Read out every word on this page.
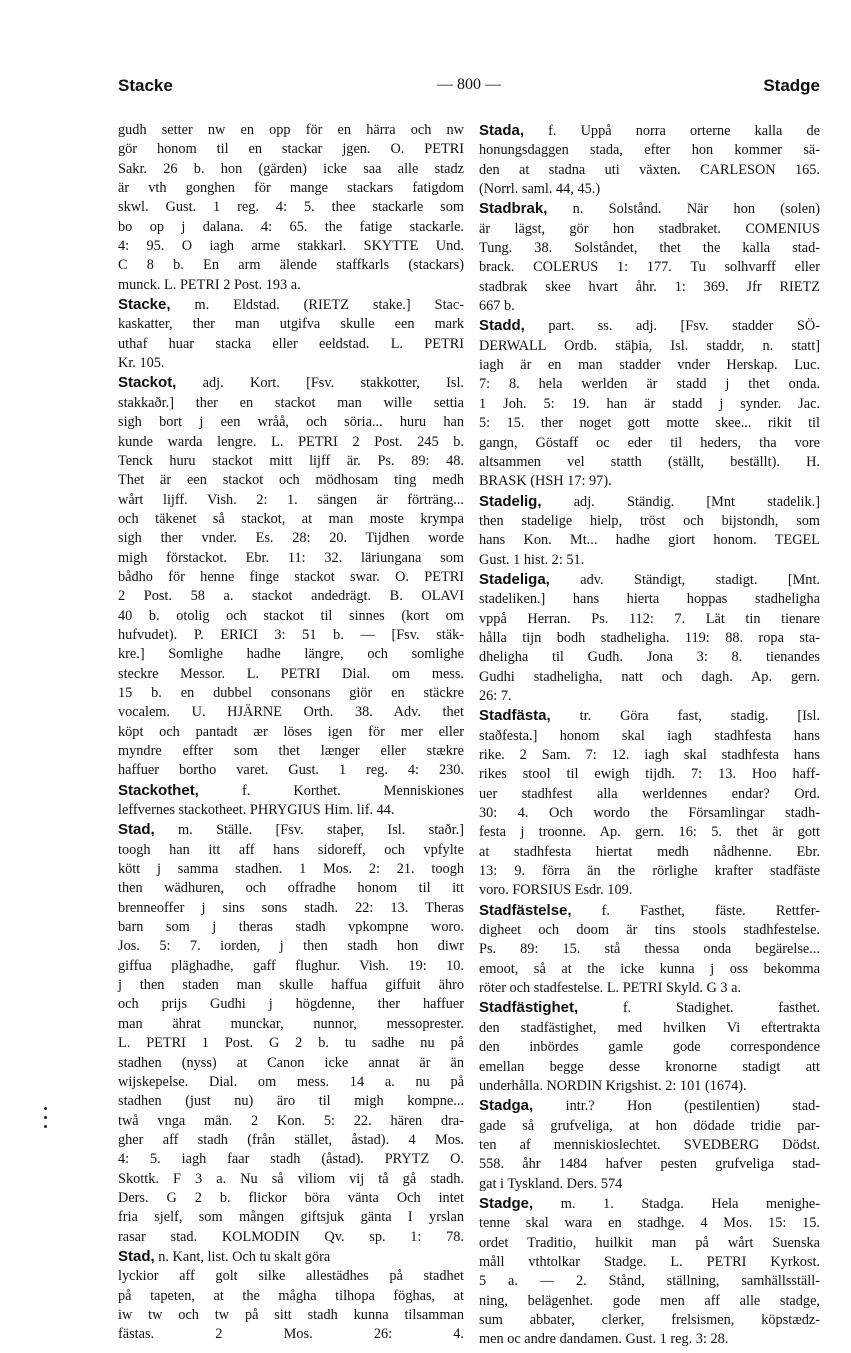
Stacke	— 800 —	Stadge
gudh setter nw en opp för en härra och nw
gör honom til en stackar jgen. O. PETRI
Sakr. 26 b. hon (gärden) icke saa alle stadz
är vth gonghen för mange stackars fatigdom
skwl. Gust. 1 reg. 4: 5. thee stackarle som
bo op j dalana. 4: 65. the fatige stackarle.
4: 95. O iagh arme stakkarl. SKYTTE Und.
C 8 b. En arm älende staffkarls (stackars)
munck. L. PETRI 2 Post. 193 a.
Stacke, m. Eldstad. (RIETZ stake.] Stac-
kaskatter, ther man utgifva skulle een mark
uthaf huar stacka eller eeldstad. L. PETRI
Kr. 105.
Stackot, adj. Kort. [Fsv. stakkotter, Isl.
stakkaðr.] ther en stackot man wille settia
sigh bort j een wråå, och söria... huru han
kunde warda lengre. L. PETRI 2 Post. 245 b.
Tenck huru stackot mitt lijff är. Ps. 89: 48.
Thet är een stackot och mödhosam ting medh
wårt lijff. Vish. 2: 1. sängen är förträng...
och täkenet så stackot, at man moste krympa
sigh ther vnder. Es. 28: 20. Tijdhen worde
migh förstackot. Ebr. 11: 32. läriungana som
bådho för henne finge stackot swar. O. PETRI
2 Post. 58 a. stackot andedrägt. B. OLAVI
40 b. otolig och stackot til sinnes (kort om
hufvudet). P. ERICI 3: 51 b. — [Fsv. stäk-
kre.] Somlighe hadhe längre, och somlighe
steckre Messor. L. PETRI Dial. om mess.
15 b. en dubbel consonans giör en stäckre
vocalem. U. HJÄRNE Orth. 38. Adv. thet
köpt och pantadt ær löses igen för mer eller
myndre effter som thet længer eller stækre
haffuer bortho varet. Gust. 1 reg. 4: 230.
Stackothet, f. Korthet. Menniskiones
leffvernes stackotheet. PHRYGIUS Him. lif. 44.
Stad, m. Ställe. [Fsv. staþer, Isl. staðr.]
toogh han itt aff hans sidoreff, och vpfylte
kött j samma stadhen. 1 Mos. 2: 21. toogh
then wädhuren, och offradhe honom til itt
brenneoffer j sins sons stadh. 22: 13. Theras
barn som j theras stadh vpkompne woro.
Jos. 5: 7. iorden, j then stadh hon diwr
giffua pläghadhe, gaff flughur. Vish. 19: 10.
j then staden man skulle haffua giffuit ähro
och prijs Gudhi j högdenne, ther haffuer
man ährat munckar, nunnor, messoprester.
L. PETRI 1 Post. G 2 b. tu sadhe nu på
stadhen (nyss) at Canon icke annat är än
wijskepelse. Dial. om mess. 14 a. nu på
stadhen (just nu) äro til migh kompne...
twå vnga män. 2 Kon. 5: 22. hären dra-
gher aff stadh (från stället, åstad). 4 Mos.
4: 5. iagh faar stadh (åstad). PRYTZ O.
Skottk. F 3 a. Nu så viliom vij tå gå stadh.
Ders. G 2 b. flickor böra vänta Och intet
fria sjelf, som mången giftsjuk gänta I yrslan
rasar stad. KOLMODIN Qv. sp. 1: 78.
Stad, n. Kant, list. Och tu skalt göra
lyckior aff golt silke allestädhes på stadhet
på tapeten, at the mågha tilhopa föghas, at
iw tw och tw på sitt stadh kunna tilsamman
fästas. 2 Mos. 26: 4.
Stada, f. Uppå norra orterne kalla de
honungsdaggen stada, efter hon kommer sä-
den at stadna uti växten. CARLESON 165.
(Norrl. saml. 44, 45.)
Stadbrak, n. Solstånd. När hon (solen)
är lägst, gör hon stadbraket. COMENIUS
Tung. 38. Solståndet, thet the kalla stad-
brack. COLERUS 1: 177. Tu solhvarff eller
stadbrak skee hvart åhr. 1: 369. Jfr RIETZ
667 b.
Stadd, part. ss. adj. [Fsv. stadder SÖ-
DERWALL Ordb. stäþia, Isl. staddr, n. statt]
iagh är en man stadder vnder Herskap. Luc.
7: 8. hela werlden är stadd j thet onda.
1 Joh. 5: 19. han är stadd j synder. Jac.
5: 15. ther noget gott motte skee... rikit til
gangn, Göstaff oc eder til heders, tha vore
altsammen vel statth (ställt, beställt). H.
BRASK (HSH 17: 97).
Stadelig, adj. Ständig. [Mnt stadelik.]
then stadelige hielp, tröst och bijstondh, som
hans Kon. Mt... hadhe giort honom. TEGEL
Gust. 1 hist. 2: 51.
Stadeliga, adv. Ständigt, stadigt. [Mnt.
stadeliken.] hans hierta hoppas stadheligha
vppå Herran. Ps. 112: 7. Lät tin tienare
hålla tijn bodh stadheligha. 119: 88. ropa sta-
dheligha til Gudh. Jona 3: 8. tienandes
Gudhi stadheligha, natt och dagh. Ap. gern.
26: 7.
Stadfästa, tr. Göra fast, stadig. [Isl.
staðfesta.] honom skal iagh stadhfesta hans
rike. 2 Sam. 7: 12. iagh skal stadhfesta hans
rikes stool til ewigh tijdh. 7: 13. Hoo haff-
uer stadhfest alla werldennes endar? Ord.
30: 4. Och wordo the Församlingar stadh-
festa j troonne. Ap. gern. 16: 5. thet är gott
at stadhfesta hiertat medh nådhenne. Ebr.
13: 9. förra än the rörlighe krafter stadfäste
voro. FORSIUS Esdr. 109.
Stadfästelse, f. Fasthet, fäste. Rettfer-
digheet och doom är tins stools stadhfestelse.
Ps. 89: 15. stå thessa onda begärelse...
emoot, så at the icke kunna j oss bekomma
röter och stadfestelse. L. PETRI Skyld. G 3 a.
Stadfästighet, f. Stadighet. fasthet.
den stadfästighet, med hvilken Vi eftertrakta
den inbördes gamle gode correspondence
emellan begge desse kronorne stadigt att
underhålla. NORDIN Krigshist. 2: 101 (1674).
Stadga, intr.? Hon (pestilentien) stad-
gade så grufveliga, at hon dödade tridie par-
ten af menniskioslechtet. SVEDBERG Dödst.
558. åhr 1484 hafver pesten grufveliga stad-
gat i Tyskland. Ders. 574
Stadge, m. 1. Stadga. Hela menighe-
tenne skal wara en stadhge. 4 Mos. 15: 15.
ordet Traditio, huilkit man på wårt Suenska
måll vthtolkar Stadge. L. PETRI Kyrkost.
5 a. — 2. Stånd, ställning, samhällsställ-
ning, belägenhet. gode men aff alle stadge,
sum abbater, clerker, frelsismen, köpstædz-
men oc andre dandamen. Gust. 1 reg. 3: 28.
